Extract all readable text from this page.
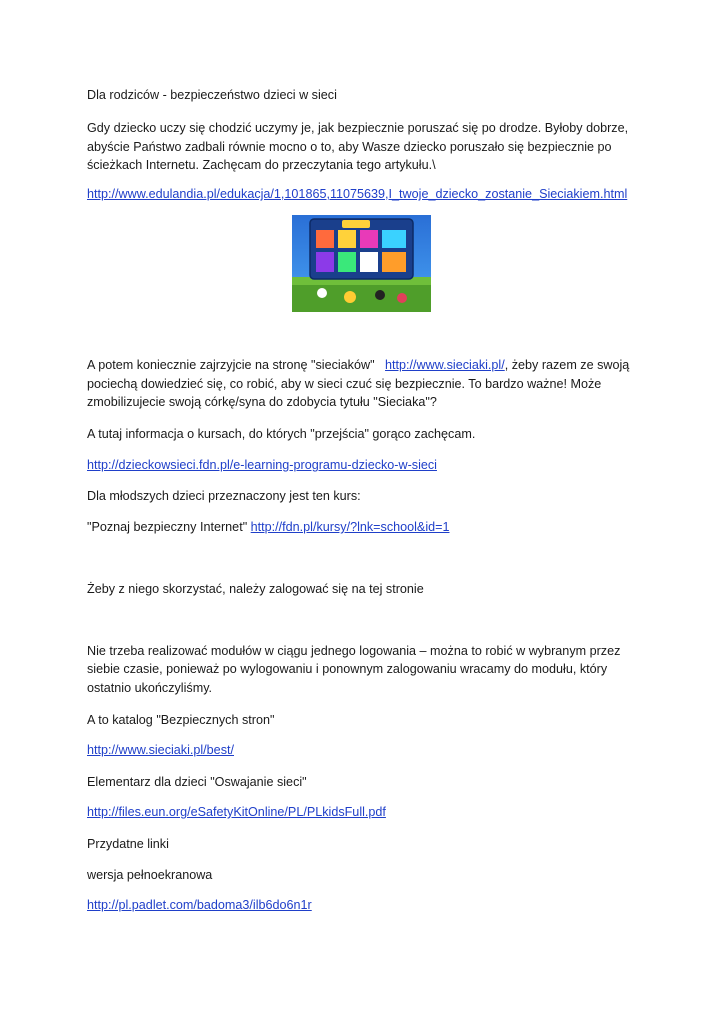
Dla rodziców - bezpieczeństwo dzieci w sieci
Gdy dziecko uczy się chodzić uczymy je, jak bezpiecznie poruszać się po drodze. Byłoby dobrze,
abyście Państwo zadbali równie mocno o to, aby Wasze dziecko poruszało się bezpiecznie po
ścieżkach Internetu. Zachęcam do przeczytania tego artykułu.\
http://www.edulandia.pl/edukacja/1,101865,11075639,I_twoje_dziecko_zostanie_Sieciakiem.html
A potem koniecznie zajrzyjcie na stronę "sieciaków"   http://www.sieciaki.pl/, żeby razem ze swoją
pociechą dowiedzieć się, co robić, aby w sieci czuć się bezpiecznie. To bardzo ważne! Może
zmobilizujecie swoją córkę/syna do zdobycia tytułu "Sieciaka"?
A tutaj informacja o kursach, do których "przejścia" gorąco zachęcam.
http://dzieckowsieci.fdn.pl/e-learning-programu-dziecko-w-sieci
Dla młodszych dzieci przeznaczony jest ten kurs:
"Poznaj bezpieczny Internet" http://fdn.pl/kursy/?lnk=school&id=1
Żeby z niego skorzystać, należy zalogować się na tej stronie
Nie trzeba realizować modułów w ciągu jednego logowania – można to robić w wybranym przez
siebie czasie, ponieważ po wylogowaniu i ponownym zalogowaniu wracamy do modułu, który
ostatnio ukończyliśmy.
A to katalog "Bezpiecznych stron"
http://www.sieciaki.pl/best/
Elementarz dla dzieci "Oswajanie sieci"
http://files.eun.org/eSafetyKitOnline/PL/PLkidsFull.pdf
Przydatne linki
wersja pełnoekranowa
http://pl.padlet.com/badoma3/ilb6do6n1r
